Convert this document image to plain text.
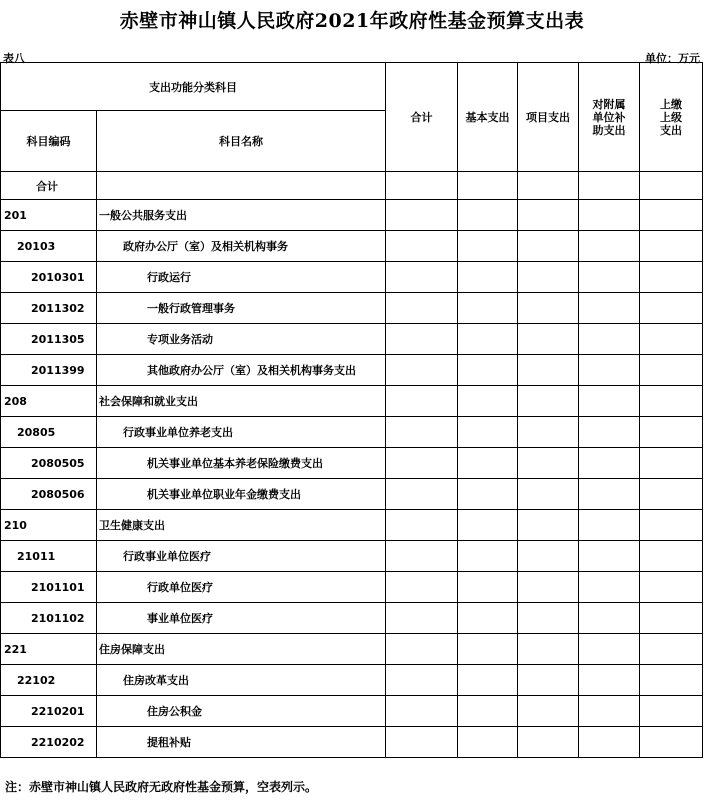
赤壁市神山镇人民政府2021年政府性基金预算支出表
表八	单位：万元
支出功能分类科目		合计	基本支出	项目支出	对附属单位补助支出	上缴上级支出
科目编码	科目名称					
合计						
201	一般公共服务支出					
20103	政府办公厅（室）及相关机构事务					
2010301	行政运行					
2011302	一般行政管理事务					
2011305	专项业务活动					
2011399	其他政府办公厅（室）及相关机构事务支出					
208	社会保障和就业支出					
20805	行政事业单位养老支出					
2080505	机关事业单位基本养老保险缴费支出					
2080506	机关事业单位职业年金缴费支出					
210	卫生健康支出					
21011	行政事业单位医疗					
2101101	行政单位医疗					
2101102	事业单位医疗					
221	住房保障支出					
22102	住房改革支出					
2210201	住房公积金					
2210202	提租补贴					
注：赤壁市神山镇人民政府无政府性基金预算，空表列示。
